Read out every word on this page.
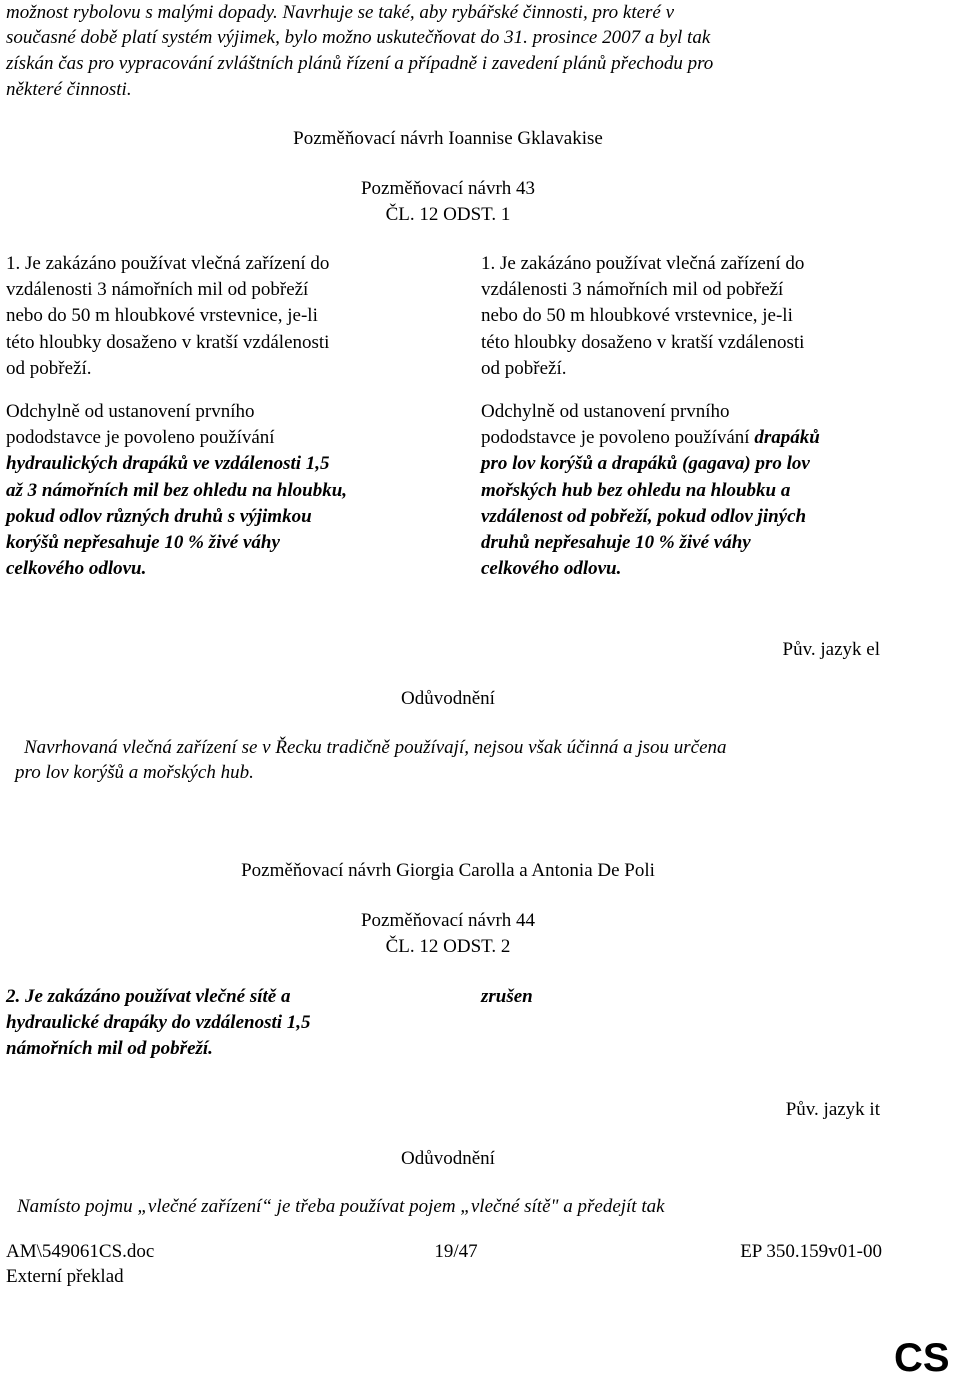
možnost rybolovu s malými dopady. Navrhuje se také, aby rybářské činnosti, pro které v
současné době platí systém výjimek, bylo možno uskutečňovat do 31. prosince 2007 a byl tak
získán čas pro vypracování zvláštních plánů řízení a případně i zavedení plánů přechodu pro
některé činnosti.
Pozměňovací návrh Ioannise Gklavakise
Pozměňovací návrh 43
ČL. 12 ODST. 1
1. Je zakázáno používat vlečná zařízení do
vzdálenosti 3 námořních mil od pobřeží
nebo do 50 m hloubkové vrstevnice, je-li
této hloubky dosaženo v kratší vzdálenosti
od pobřeží.
Odchylně od ustanovení prvního
pododstavce je povoleno používání
hydraulických drapáků ve vzdálenosti 1,5
až 3 námořních mil bez ohledu na hloubku,
pokud odlov různých druhů s výjimkou
korýšů nepřesahuje 10 % živé váhy
celkového odlovu.
1. Je zakázáno používat vlečná zařízení do
vzdálenosti 3 námořních mil od pobřeží
nebo do 50 m hloubkové vrstevnice, je-li
této hloubky dosaženo v kratší vzdálenosti
od pobřeží.
Odchylně od ustanovení prvního
pododstavce je povoleno používání drapáků
pro lov korýšů a drapáků (gagava) pro lov
mořských hub bez ohledu na hloubku a
vzdálenost od pobřeží, pokud odlov jiných
druhů nepřesahuje 10 % živé váhy
celkového odlovu.
Pův. jazyk el
Odůvodnění
Navrhovaná vlečná zařízení se v Řecku tradičně používají, nejsou však účinná a jsou určena
pro lov korýšů a mořských hub.
Pozměňovací návrh Giorgia Carolla a Antonia De Poli
Pozměňovací návrh 44
ČL. 12 ODST. 2
2. Je zakázáno používat vlečné sítě a
hydraulické drapáky do vzdálenosti 1,5
námořních mil od pobřeží.
zrušen
Pův. jazyk it
Odůvodnění
Namísto pojmu „vlečné zařízení“ je třeba používat pojem „vlečné sítě" a předejít tak
AM\549061CS.doc	19/47	EP 350.159v01-00
Externí překlad
CS
